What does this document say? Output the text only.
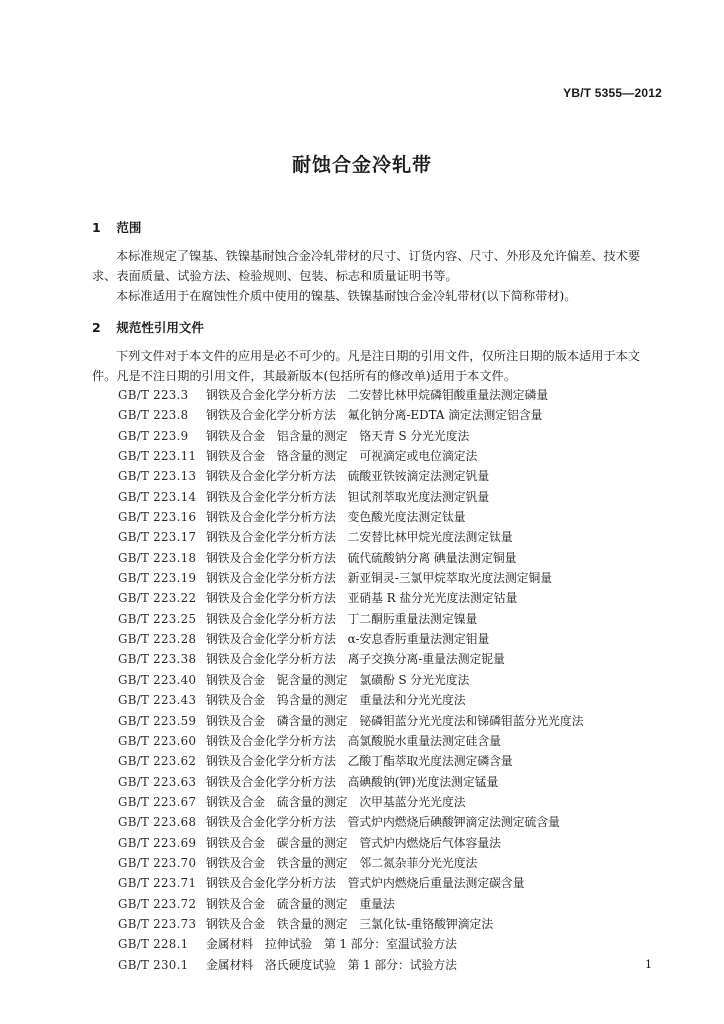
YB/T 5355—2012
耐蚀合金冷轧带
1 范围

本标准规定了镍基、铁镍基耐蚀合金冷轧带材的尺寸、订货内容、尺寸、外形及允许偏差、技术要求、表面质量、试验方法、检验规则、包装、标志和质量证明书等。

本标准适用于在腐蚀性介质中使用的镍基、铁镍基耐蚀合金冷轧带材(以下简称带材)。

2 规范性引用文件

下列文件对于本文件的应用是必不可少的。凡是注日期的引用文件，仅所注日期的版本适用于本文件。凡是不注日期的引用文件，其最新版本(包括所有的修改单)适用于本文件。

GB/T 223.3 钢铁及合金化学分析方法　二安替比林甲烷磷钼酸重量法测定磷量
GB/T 223.8 钢铁及合金化学分析方法　氟化钠分离-EDTA 滴定法测定铝含量
GB/T 223.9 钢铁及合金　铝含量的测定　铬天青 S 分光光度法
GB/T 223.11 钢铁及合金　铬含量的测定　可视滴定或电位滴定法
GB/T 223.13 钢铁及合金化学分析方法　硫酸亚铁铵滴定法测定钒量
GB/T 223.14 钢铁及合金化学分析方法　钽试剂萃取光度法测定钒量
GB/T 223.16 钢铁及合金化学分析方法　变色酸光度法测定钛量
GB/T 223.17 钢铁及合金化学分析方法　二安替比林甲烷光度法测定钛量
GB/T 223.18 钢铁及合金化学分析方法　硫代硫酸钠分离 碘量法测定铜量
GB/T 223.19 钢铁及合金化学分析方法　新亚铜灵-三氯甲烷萃取光度法测定铜量
GB/T 223.22 钢铁及合金化学分析方法　亚硝基 R 盐分光光度法测定钴量
GB/T 223.25 钢铁及合金化学分析方法　丁二酮肟重量法测定镍量
GB/T 223.28 钢铁及合金化学分析方法　α-安息香肟重量法测定钼量
GB/T 223.38 钢铁及合金化学分析方法　离子交换分离-重量法测定铌量
GB/T 223.40 钢铁及合金　铌含量的测定　氯磺酚 S 分光光度法
GB/T 223.43 钢铁及合金　钨含量的测定　重量法和分光光度法
GB/T 223.59 钢铁及合金　磷含量的测定　铋磷钼蓝分光光度法和锑磷钼蓝分光光度法
GB/T 223.60 钢铁及合金化学分析方法　高氯酸脱水重量法测定硅含量
GB/T 223.62 钢铁及合金化学分析方法　乙酸丁酯萃取光度法测定磷含量
GB/T 223.63 钢铁及合金化学分析方法　高碘酸钠(钾)光度法测定锰量
GB/T 223.67 钢铁及合金　硫含量的测定　次甲基蓝分光光度法
GB/T 223.68 钢铁及合金化学分析方法　管式炉内燃烧后碘酸钾滴定法测定硫含量
GB/T 223.69 钢铁及合金　碳含量的测定　管式炉内燃烧后气体容量法
GB/T 223.70 钢铁及合金　铁含量的测定　邻二氮杂菲分光光度法
GB/T 223.71 钢铁及合金化学分析方法　管式炉内燃烧后重量法测定碳含量
GB/T 223.72 钢铁及合金　硫含量的测定　重量法
GB/T 223.73 钢铁及合金　铁含量的测定　三氯化钛-重铬酸钾滴定法
GB/T 228.1 金属材料　拉伸试验　第 1 部分：室温试验方法
GB/T 230.1 金属材料　洛氏硬度试验　第 1 部分：试验方法	1
